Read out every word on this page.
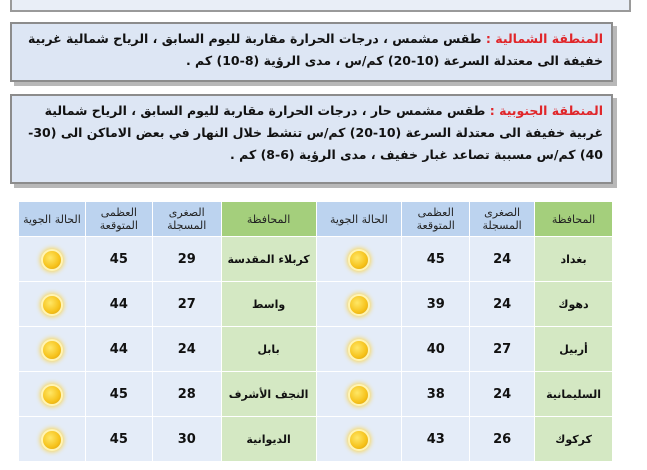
المنطقة الشمالية : طقس مشمس ، درجات الحرارة مقاربة لليوم السابق ، الرياح شمالية غربية خفيفة الى معتدلة السرعة (10-20) كم/س ، مدى الرؤية (8-10) كم .
المنطقة الجنوبية : طقس مشمس حار ، درجات الحرارة مقاربة لليوم السابق ، الرياح شمالية غربية خفيفة الى معتدلة السرعة (10-20) كم/س تنشط خلال النهار في بعض الاماكن الى (30-40) كم/س مسببة تصاعد غبار خفيف ، مدى الرؤية (6-8) كم .
المحافظة	الصغرى المسجلة	العظمى المتوقعة	الحالة الجوية	المحافظة	الصغرى المسجلة	العظمى المتوقعة	الحالة الجوية
بغداد	24	45		كربلاء المقدسة	29	45	
دهوك	24	39		واسط	27	44	
أربيل	27	40		بابل	24	44	
السليمانية	24	38		النجف الأشرف	28	45	
كركوك	26	43		الديوانية	30	45	
